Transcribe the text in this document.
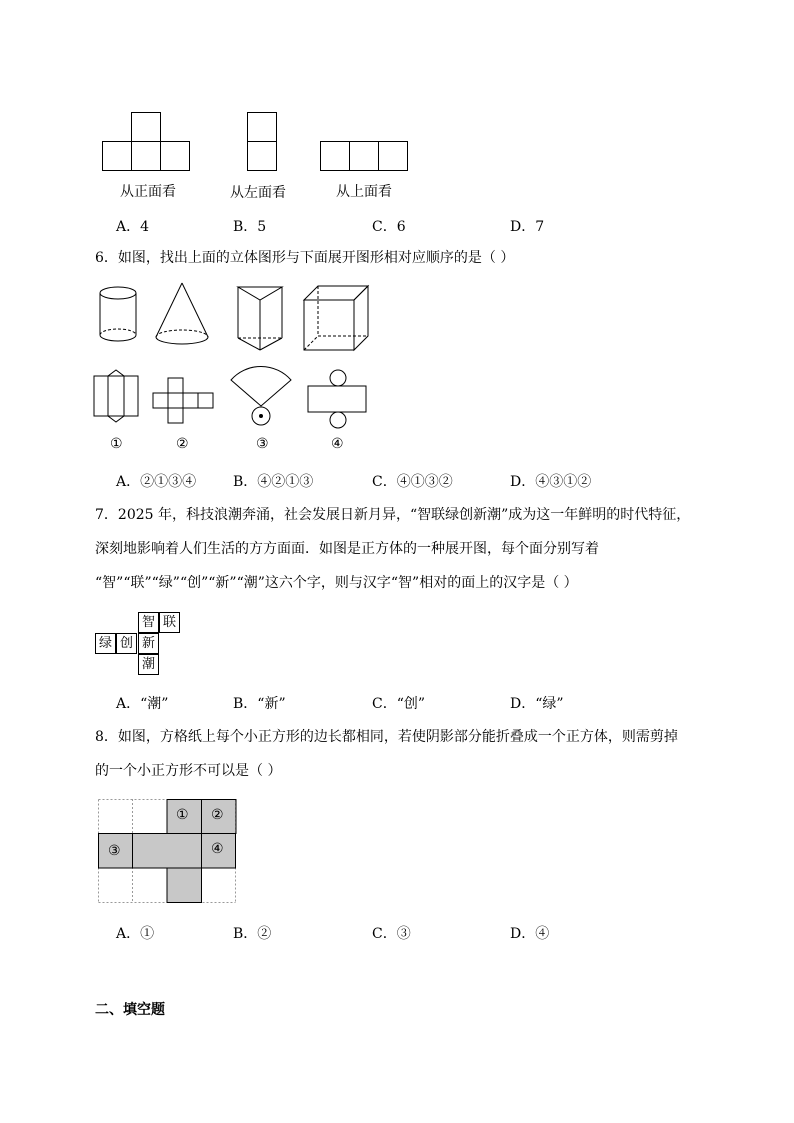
从正面看	从左面看	从上面看
A．4	B．5	C．6	D．7
6．如图，找出上面的立体图形与下面展开图形相对应顺序的是（ ）
①	②	③	④
A．②①③④	B．④②①③	C．④①③②	D．④③①②
7．2025 年，科技浪潮奔涌，社会发展日新月异，“智联绿创新潮”成为这一年鲜明的时代特征，
深刻地影响着人们生活的方方面面．如图是正方体的一种展开图，每个面分别写着
“智”“联”“绿”“创”“新”“潮”这六个字，则与汉字“智”相对的面上的汉字是（ ）
智 联
绿 创 新
潮
A．“潮”	B．“新”	C．“创”	D．“绿”
8．如图，方格纸上每个小正方形的边长都相同，若使阴影部分能折叠成一个正方体，则需剪掉
的一个小正方形不可以是（ ）
① ②
③	④
A．①	B．②	C．③	D．④
二、填空题
